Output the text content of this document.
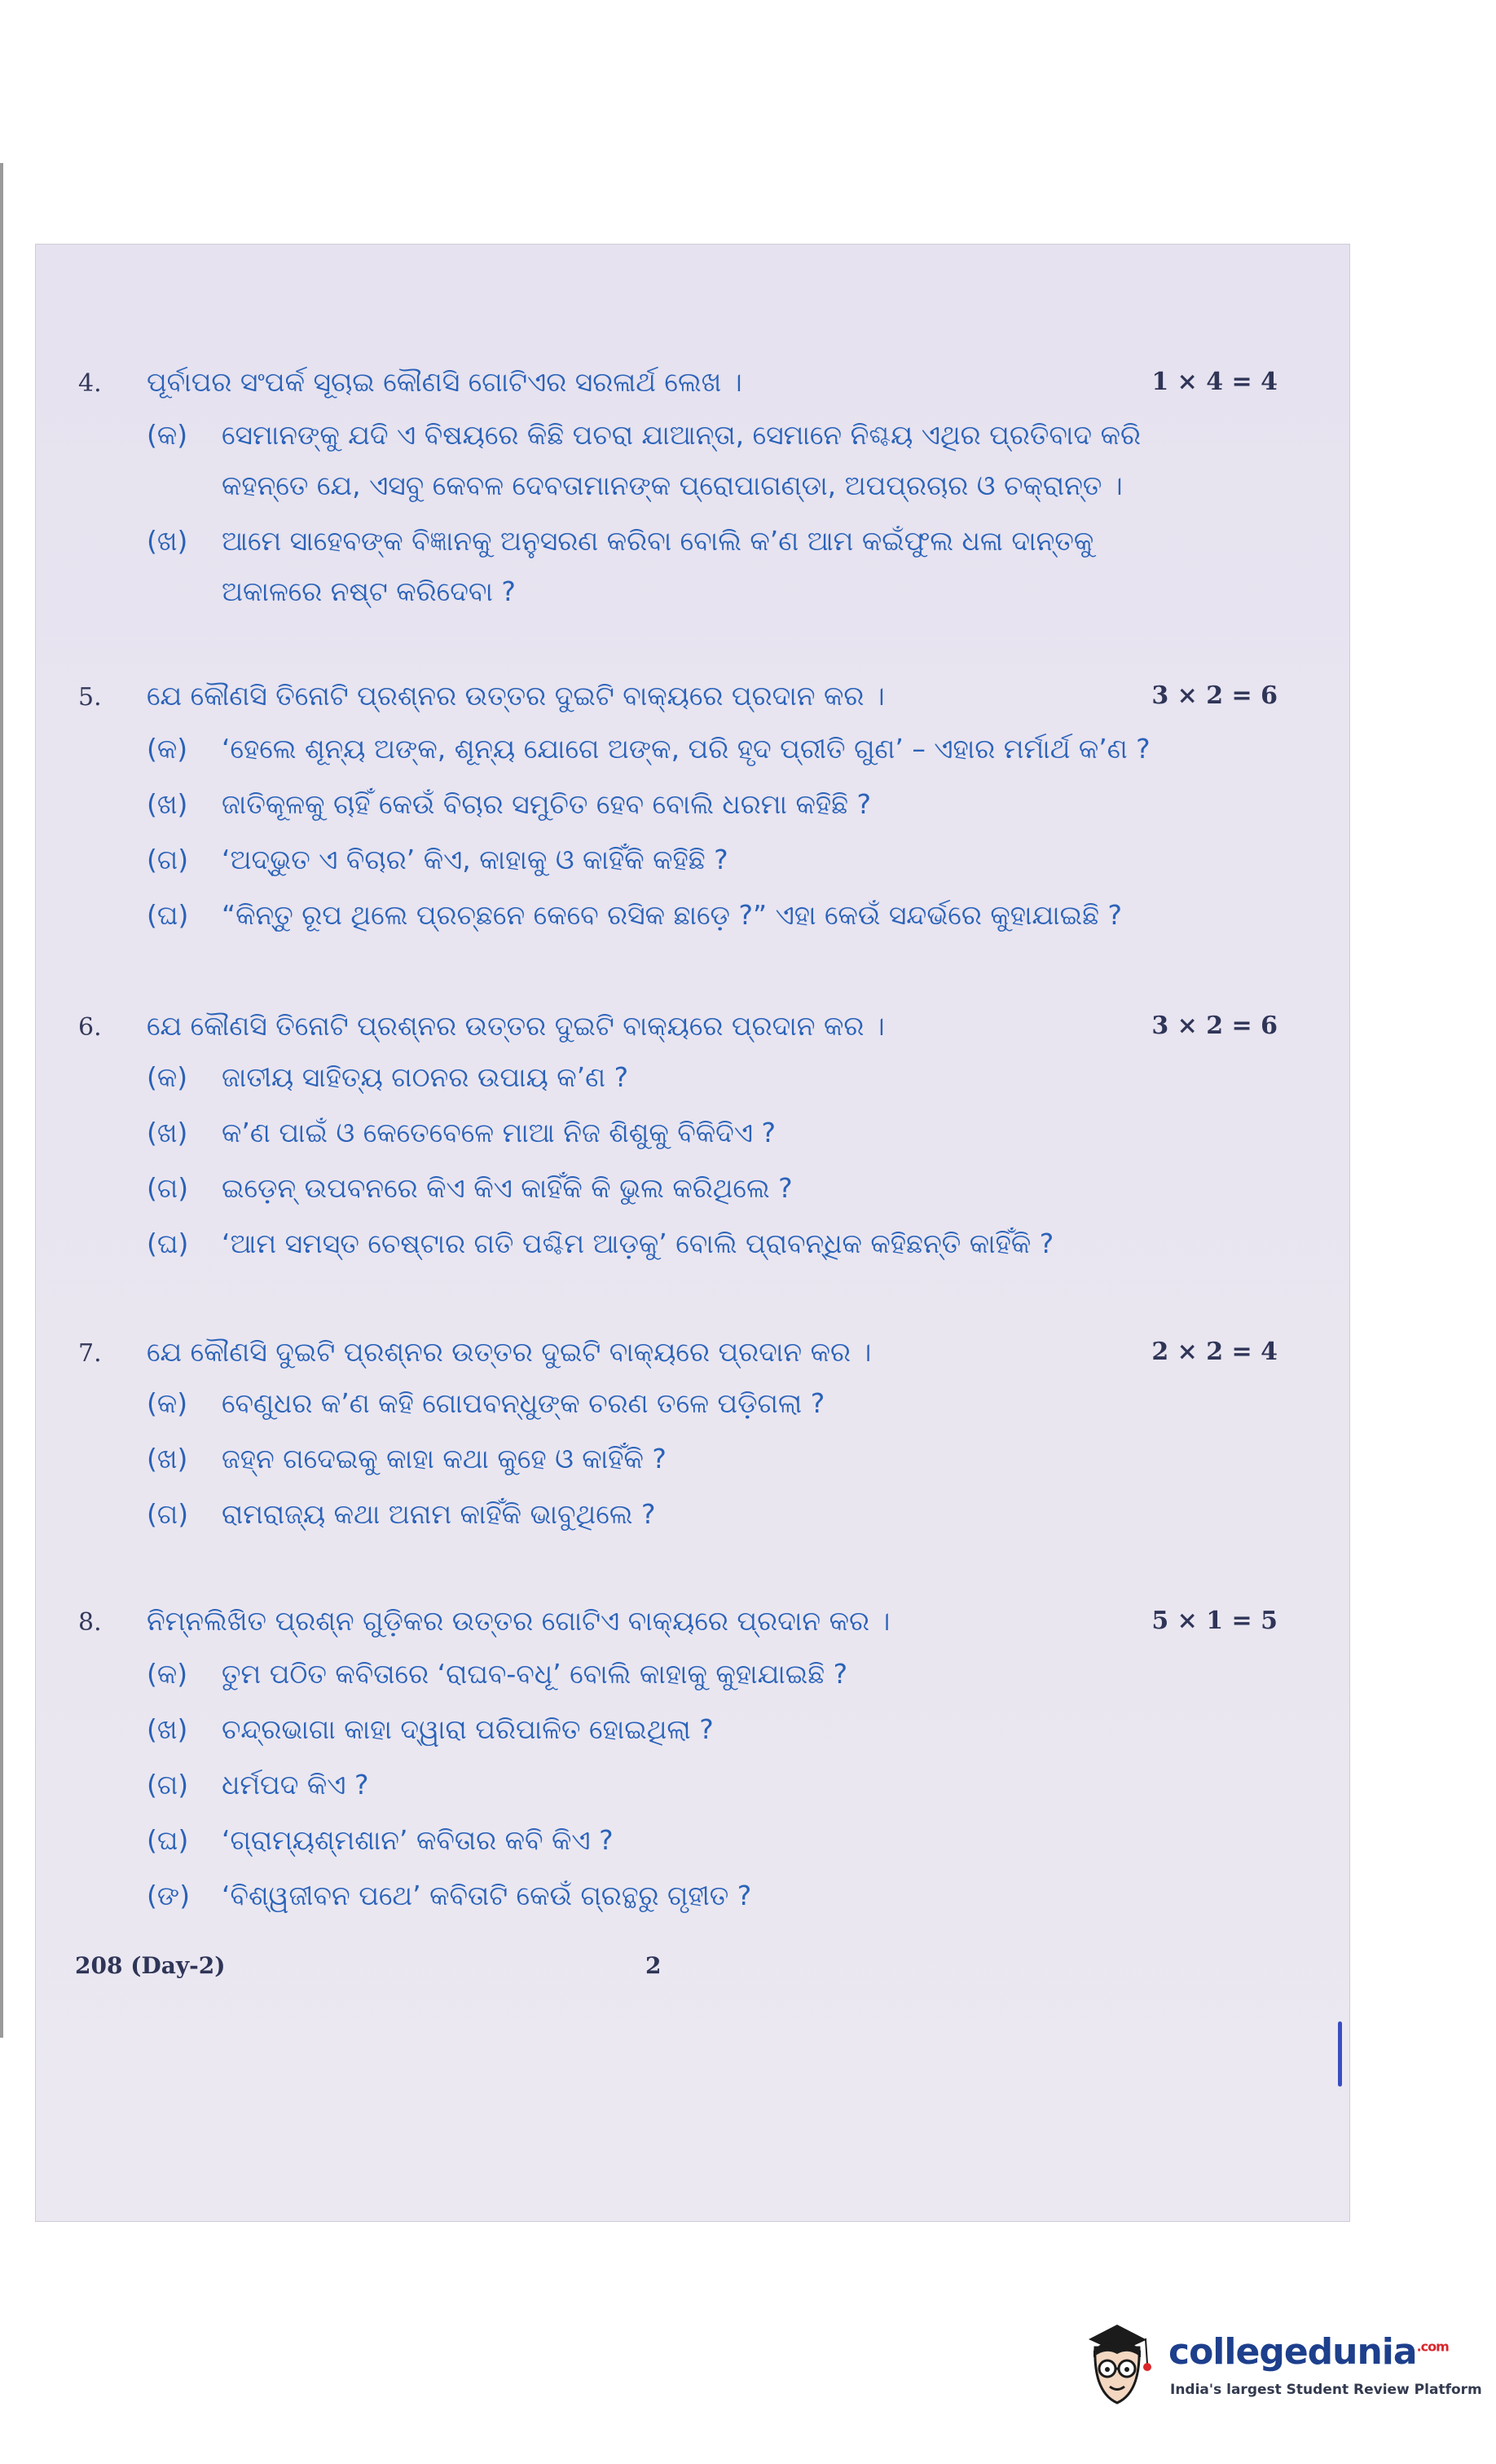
4. ପୂର୍ବାପର ସଂପର୍କ ସୂଚାଇ କୌଣସି ଗୋଟିଏର ସରଳାର୍ଥ ଲେଖ ।	1 × 4 = 4
(କ) ସେମାନଙ୍କୁ ଯଦି ଏ ବିଷୟରେ କିଛି ପଚରା ଯାଆନ୍ତା, ସେମାନେ ନିଶ୍ଚୟ ଏଥିର ପ୍ରତିବାଦ କରି
କହନ୍ତେ ଯେ, ଏସବୁ କେବଳ ଦେବତାମାନଙ୍କ ପ୍ରୋପାଗଣ୍ଡା, ଅପପ୍ରଚାର ଓ ଚକ୍ରାନ୍ତ ।
(ଖ) ଆମେ ସାହେବଙ୍କ ବିଜ୍ଞାନକୁ ଅନୁସରଣ କରିବା ବୋଲି କ’ଣ ଆମ କଇଁଫୁଲ ଧଳା ଦାନ୍ତକୁ
ଅକାଳରେ ନଷ୍ଟ କରିଦେବା ?
5. ଯେ କୌଣସି ତିନୋଟି ପ୍ରଶ୍ନର ଉତ୍ତର ଦୁଇଟି ବାକ୍ୟରେ ପ୍ରଦାନ କର ।	3 × 2 = 6
(କ) ‘ହେଲେ ଶୂନ୍ୟ ଅଙ୍କ, ଶୂନ୍ୟ ଯୋଗେ ଅଙ୍କ, ପରି ହୃଦ ପ୍ରୀତି ଗୁଣ’ – ଏହାର ମର୍ମାର୍ଥ କ’ଣ ?
(ଖ) ଜାତିକୂଳକୁ ଚାହିଁ କେଉଁ ବିଚାର ସମୁଚିତ ହେବ ବୋଲି ଧରମା କହିଛି ?
(ଗ) ‘ଅଦ୍‌ଭୁତ ଏ ବିଚାର’ କିଏ, କାହାକୁ ଓ କାହିଁକି କହିଛି ?
(ଘ) “କିନ୍ତୁ ରୂପ ଥିଲେ ପ୍ରଚ୍ଛନେ କେବେ ରସିକ ଛାଡ଼େ ?” ଏହା କେଉଁ ସନ୍ଦର୍ଭରେ କୁହାଯାଇଛି ?
6. ଯେ କୌଣସି ତିନୋଟି ପ୍ରଶ୍ନର ଉତ୍ତର ଦୁଇଟି ବାକ୍ୟରେ ପ୍ରଦାନ କର ।	3 × 2 = 6
(କ) ଜାତୀୟ ସାହିତ୍ୟ ଗଠନର ଉପାୟ କ’ଣ ?
(ଖ) କ’ଣ ପାଇଁ ଓ କେତେବେଳେ ମାଆ ନିଜ ଶିଶୁକୁ ବିକିଦିଏ ?
(ଗ) ଇଡ଼େନ୍ ଉପବନରେ କିଏ କିଏ କାହିଁକି କି ଭୁଲ କରିଥିଲେ ?
(ଘ) ‘ଆମ ସମସ୍ତ ଚେଷ୍ଟାର ଗତି ପଶ୍ଚିମ ଆଡ଼କୁ’ ବୋଲି ପ୍ରାବନ୍ଧିକ କହିଛନ୍ତି କାହିଁକି ?
7. ଯେ କୌଣସି ଦୁଇଟି ପ୍ରଶ୍ନର ଉତ୍ତର ଦୁଇଟି ବାକ୍ୟରେ ପ୍ରଦାନ କର ।	2 × 2 = 4
(କ) ବେଣୁଧର କ’ଣ କହି ଗୋପବନ୍ଧୁଙ୍କ ଚରଣ ତଳେ ପଡ଼ିଗଲା ?
(ଖ) ଜହ୍ନ ଗଦେଇକୁ କାହା କଥା କୁହେ ଓ କାହିଁକି ?
(ଗ) ରାମରାଜ୍ୟ କଥା ଅନାମ କାହିଁକି ଭାବୁଥିଲେ ?
8. ନିମ୍ନଲିଖିତ ପ୍ରଶ୍ନ ଗୁଡ଼ିକର ଉତ୍ତର ଗୋଟିଏ ବାକ୍ୟରେ ପ୍ରଦାନ କର ।	5 × 1 = 5
(କ) ତୁମ ପଠିତ କବିତାରେ ‘ରାଘବ-ବଧୂ’ ବୋଲି କାହାକୁ କୁହାଯାଇଛି ?
(ଖ) ଚନ୍ଦ୍ରଭାଗା କାହା ଦ୍ୱାରା ପରିପାଳିତ ହୋଇଥିଲା ?
(ଗ) ଧର୍ମପଦ କିଏ ?
(ଘ) ‘ଗ୍ରାମ୍ୟଶ୍ମଶାନ’ କବିତାର କବି କିଏ ?
(ଙ) ‘ବିଶ୍ୱଜୀବନ ପଥେ’ କବିତାଟି କେଉଁ ଗ୍ରନ୍ଥରୁ ଗୃହୀତ ?
208 (Day-2)	2
collegedunia$^{.com}$
India's largest Student Review Platform
